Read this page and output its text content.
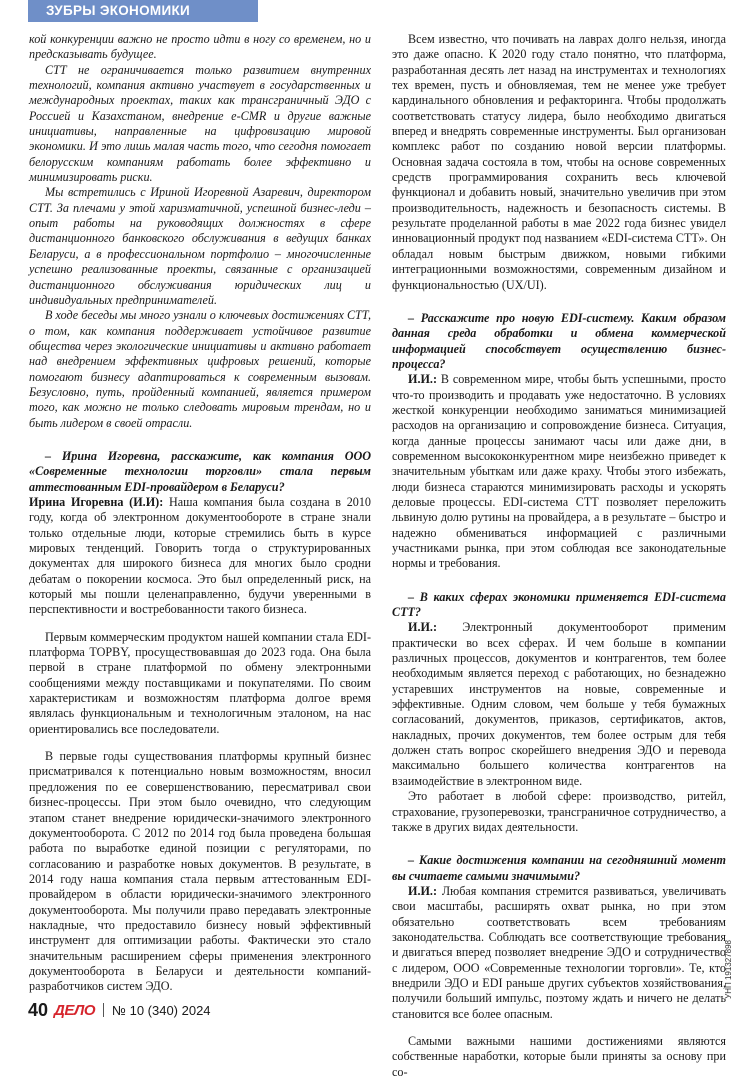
ЗУБРЫ ЭКОНОМИКИ

кой конкуренции важно не просто идти в ногу со временем, но и предсказывать будущее.

СТТ не ограничивается только развитием внутренних технологий, компания активно участвует в государственных и международных проектах, таких как трансграничный ЭДО с Россией и Казахстаном, внедрение e-CMR и другие важные инициативы, направленные на цифровизацию мировой экономики. И это лишь малая часть того, что сегодня помогает белорусским компаниям работать более эффективно и минимизировать риски.

Мы встретились с Ириной Игоревной Азаревич, директором СТТ. За плечами у этой харизматичной, успешной бизнес-леди – опыт работы на руководящих должностях в сфере дистанционного банковского обслуживания в ведущих банках Беларуси, а в профессиональном портфолио – многочисленные успешно реализованные проекты, связанные с организацией дистанционного обслуживания юридических лиц и индивидуальных предпринимателей.

В ходе беседы мы много узнали о ключевых достижениях СТТ, о том, как компания поддерживает устойчивое развитие общества через экологические инициативы и активно работает над внедрением эффективных цифровых решений, которые помогают бизнесу адаптироваться к современным вызовам. Безусловно, путь, пройденный компанией, является примером того, как можно не только следовать мировым трендам, но и быть лидером в своей отрасли.

– Ирина Игоревна, расскажите, как компания ООО «Современные технологии торговли» стала первым аттестованным EDI-провайдером в Беларуси?

Ирина Игоревна (И.И): Наша компания была создана в 2010 году, когда об электронном документообороте в стране знали только отдельные люди, которые стремились быть в курсе мировых тенденций. Говорить тогда о структурированных документах для широкого бизнеса для многих было сродни дебатам о покорении космоса. Это был определенный риск, на который мы пошли целенаправленно, будучи уверенными в перспективности и востребованности такого бизнеса.

Первым коммерческим продуктом нашей компании стала EDI-платформа TOPBY, просуществовавшая до 2023 года. Она была первой в стране платформой по обмену электронными сообщениями между поставщиками и покупателями. По своим характеристикам и возможностям платформа долгое время являлась функциональным и технологичным эталоном, на нас ориентировались все последователи.

В первые годы существования платформы крупный бизнес присматривался к потенциально новым возможностям, вносил предложения по ее совершенствованию, пересматривал свои бизнес-процессы. При этом было очевидно, что следующим этапом станет внедрение юридически-значимого электронного документооборота. С 2012 по 2014 год была проведена большая работа по выработке единой позиции с регуляторами, по согласованию и разработке новых документов. В результате, в 2014 году наша компания стала первым аттестованным EDI-провайдером в области юридически-значимого электронного документооборота. Мы получили право передавать электронные накладные, что предоставило бизнесу новый эффективный инструмент для оптимизации работы. Фактически это стало значительным расширением сферы применения электронного документооборота в Беларуси и деятельности компаний-разработчиков систем ЭДО.

Всем известно, что почивать на лаврах долго нельзя, иногда это даже опасно. К 2020 году стало понятно, что платформа, разработанная десять лет назад на инструментах и технологиях тех времен, пусть и обновляемая, тем не менее уже требует кардинального обновления и рефакторинга. Чтобы продолжать соответствовать статусу лидера, было необходимо двигаться вперед и внедрять современные инструменты. Был организован комплекс работ по созданию новой версии платформы. Основная задача состояла в том, чтобы на основе современных средств программирования сохранить весь ключевой функционал и добавить новый, значительно увеличив при этом производительность, надежность и безопасность системы. В результате проделанной работы в мае 2022 года бизнес увидел инновационный продукт под названием «EDI-система СТТ». Он обладал новым быстрым движком, новыми гибкими интеграционными возможностями, современным дизайном и функциональностью (UX/UI).

– Расскажите про новую EDI-систему. Каким образом данная среда обработки и обмена коммерческой информацией способствует осуществлению бизнес-процесса?

И.И.: В современном мире, чтобы быть успешными, просто что-то производить и продавать уже недостаточно. В условиях жесткой конкуренции необходимо заниматься минимизацией расходов на организацию и сопровождение бизнеса. Ситуация, когда данные процессы занимают часы или даже дни, в современном высококонкурентном мире неизбежно приведет к значительным убыткам или даже краху. Чтобы этого избежать, люди бизнеса стараются минимизировать расходы и ускорять деловые процессы. EDI-система СТТ позволяет переложить львиную долю рутины на провайдера, а в результате – быстро и надежно обмениваться информацией с различными участниками рынка, при этом соблюдая все законодательные нормы и требования.

– В каких сферах экономики применяется EDI-система СТТ?

И.И.: Электронный документооборот применим практически во всех сферах. И чем больше в компании различных процессов, документов и контрагентов, тем более необходимым является переход с работающих, но безнадежно устаревших инструментов на новые, современные и эффективные. Одним словом, чем больше у тебя бумажных согласований, документов, приказов, сертификатов, актов, накладных, прочих документов, тем более острым для тебя должен стать вопрос скорейшего внедрения ЭДО и перевода максимально большего количества контрагентов на взаимодействие в электронном виде.

Это работает в любой сфере: производство, ритейл, страхование, грузоперевозки, трансграничное сотрудничество, а также в других видах деятельности.

– Какие достижения компании на сегодняшний момент вы считаете самыми значимыми?

И.И.: Любая компания стремится развиваться, увеличивать свои масштабы, расширять охват рынка, но при этом обязательно соответствовать всем требованиям законодательства. Соблюдать все соответствующие требования и двигаться вперед позволяет внедрение ЭДО и сотрудничество с лидером, ООО «Современные технологии торговли». Те, кто внедрили ЭДО и EDI раньше других субъектов хозяйствования, получили больший импульс, поэтому ждать и ничего не делать становится все более опасным.

Самыми важными нашими достижениями являются собственные наработки, которые были приняты за основу при со-

УНП 191327898
40 ДЕЛО № 10 (340) 2024
